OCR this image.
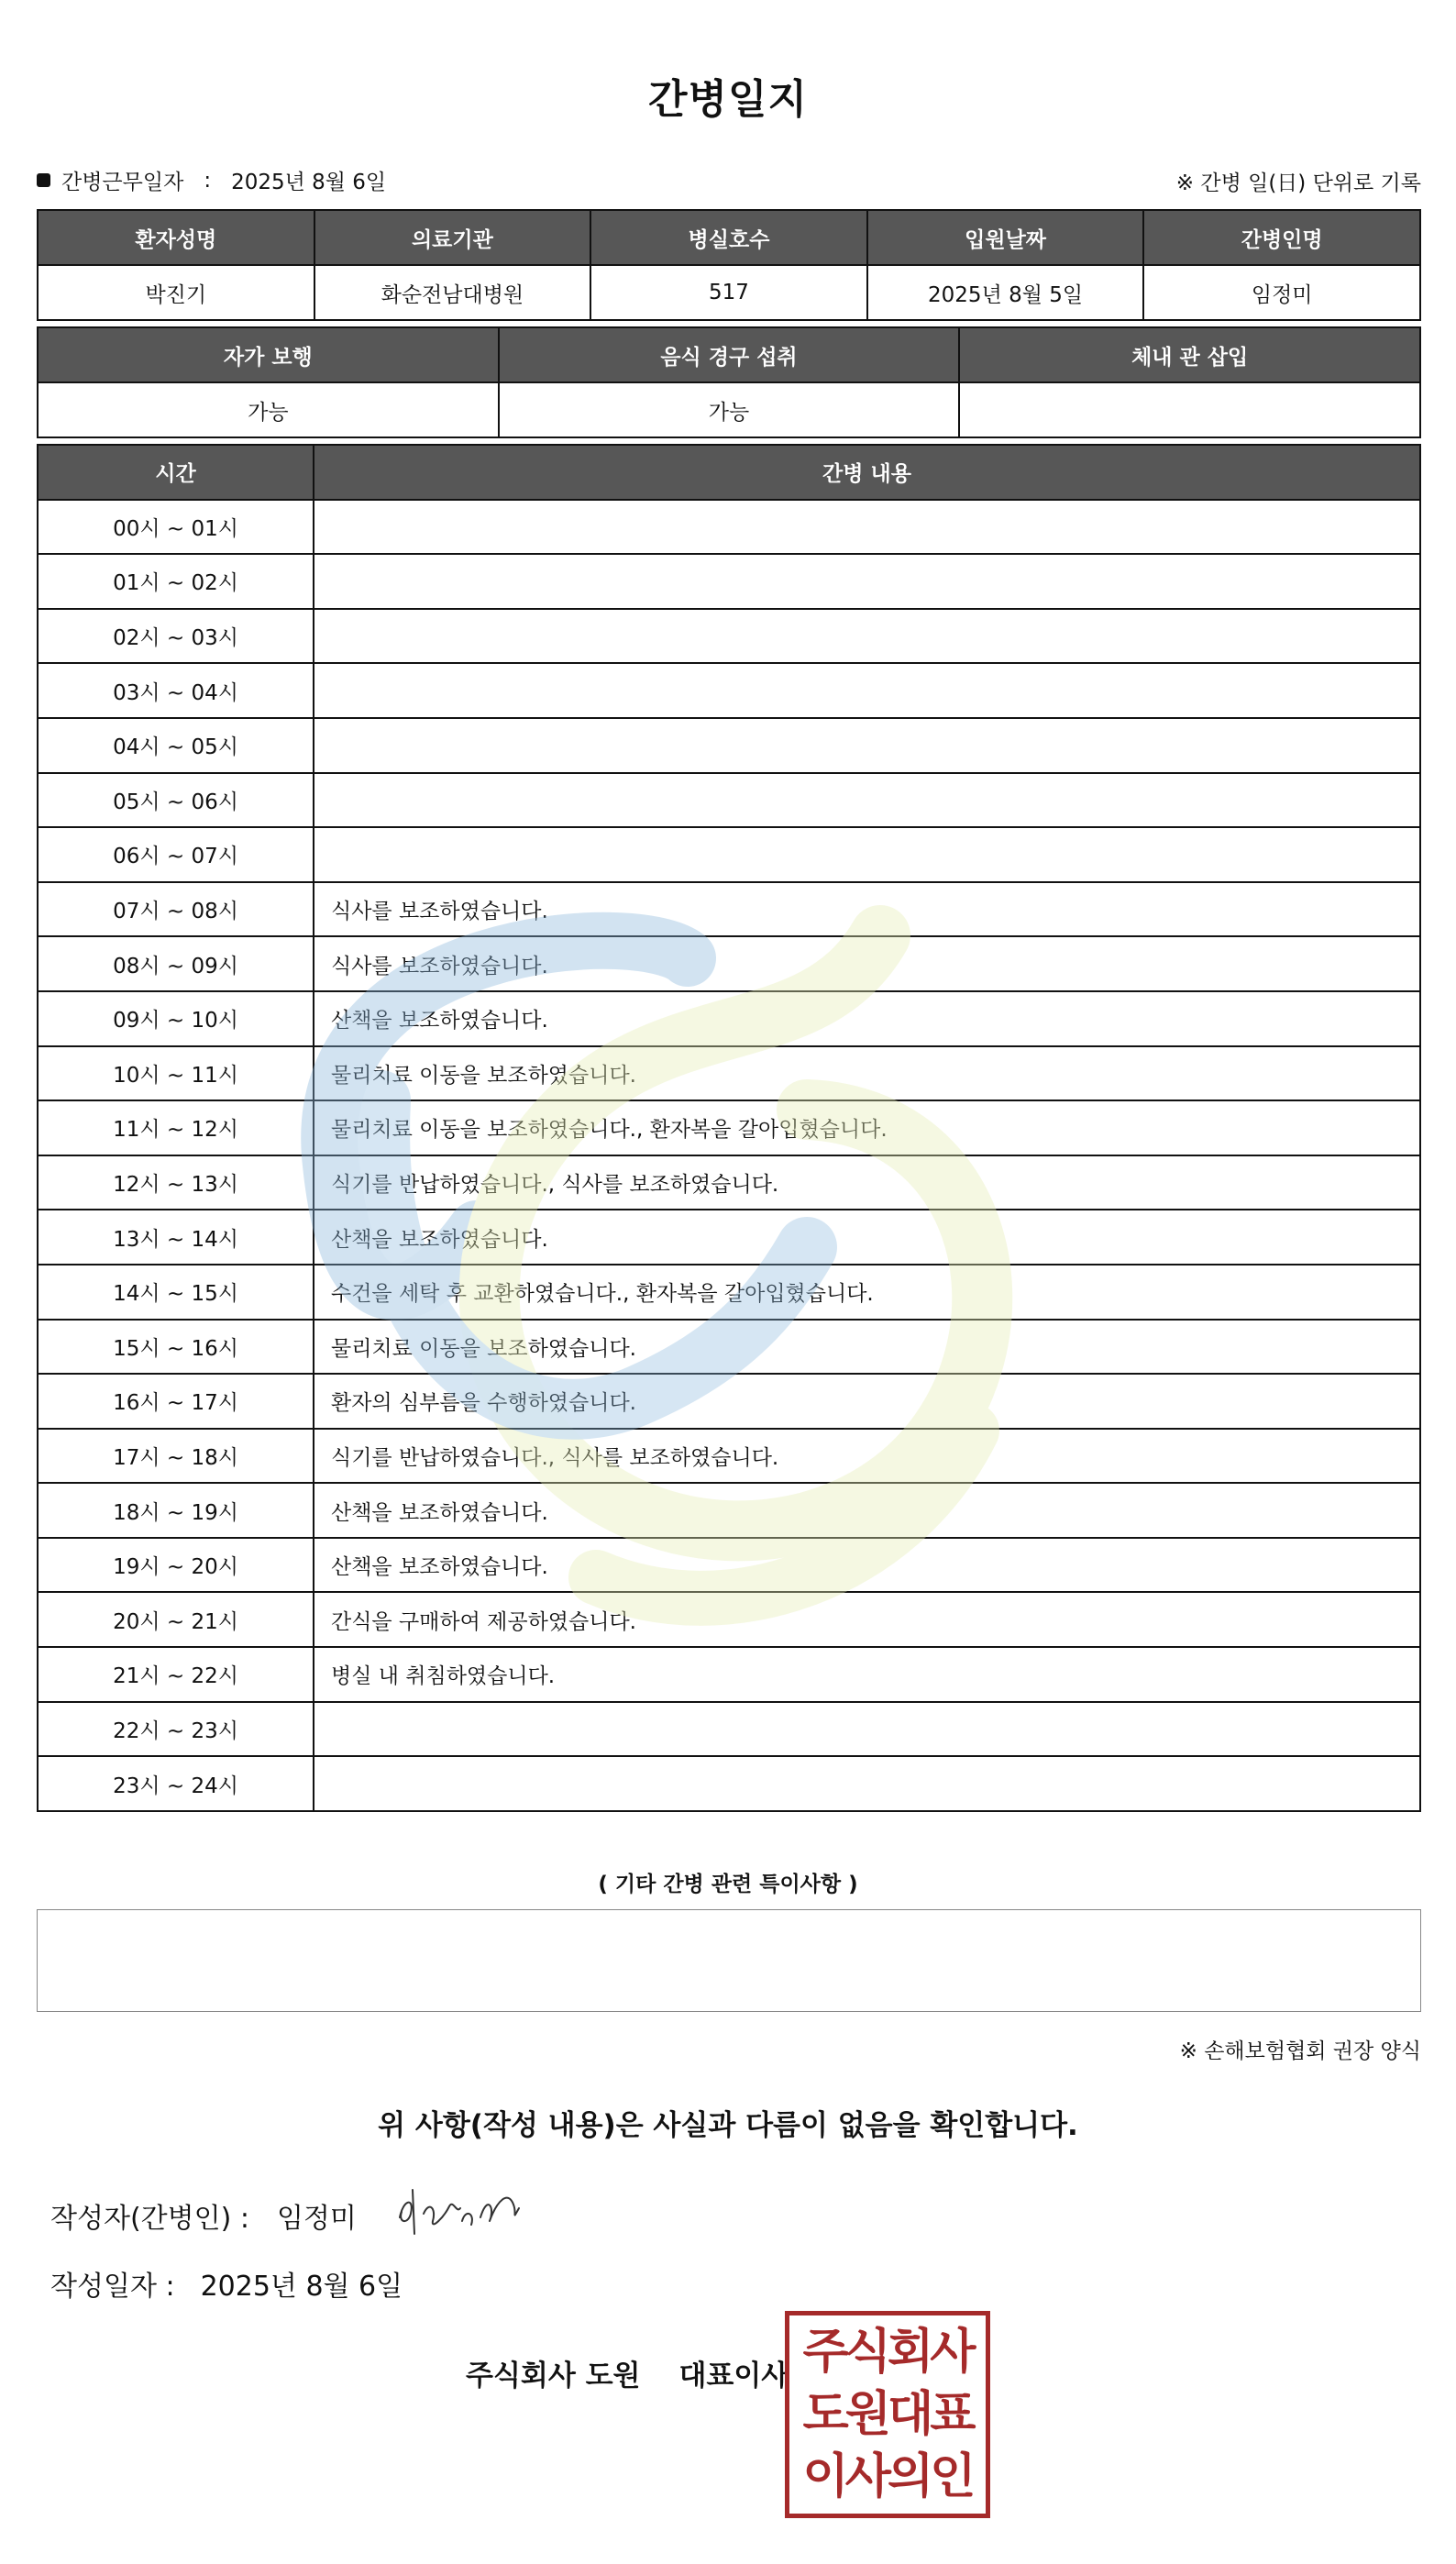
간병일지
간병근무일자 : 2025년 8월 6일	※ 간병 일(日) 단위로 기록
환자성명	의료기관	병실호수	입원날짜	간병인명
박진기	화순전남대병원	517	2025년 8월 5일	임정미
자가 보행	음식 경구 섭취	체내 관 삽입
가능	가능	
시간	간병 내용
00시 ~ 01시	
01시 ~ 02시	
02시 ~ 03시	
03시 ~ 04시	
04시 ~ 05시	
05시 ~ 06시	
06시 ~ 07시	
07시 ~ 08시	식사를 보조하였습니다.
08시 ~ 09시	식사를 보조하였습니다.
09시 ~ 10시	산책을 보조하였습니다.
10시 ~ 11시	물리치료 이동을 보조하였습니다.
11시 ~ 12시	물리치료 이동을 보조하였습니다., 환자복을 갈아입혔습니다.
12시 ~ 13시	식기를 반납하였습니다., 식사를 보조하였습니다.
13시 ~ 14시	산책을 보조하였습니다.
14시 ~ 15시	수건을 세탁 후 교환하였습니다., 환자복을 갈아입혔습니다.
15시 ~ 16시	물리치료 이동을 보조하였습니다.
16시 ~ 17시	환자의 심부름을 수행하였습니다.
17시 ~ 18시	식기를 반납하였습니다., 식사를 보조하였습니다.
18시 ~ 19시	산책을 보조하였습니다.
19시 ~ 20시	산책을 보조하였습니다.
20시 ~ 21시	간식을 구매하여 제공하였습니다.
21시 ~ 22시	병실 내 취침하였습니다.
22시 ~ 23시	
23시 ~ 24시	
( 기타 간병 관련 특이사항 )
※ 손해보험협회 권장 양식
위 사항(작성 내용)은 사실과 다름이 없음을 확인합니다.
작성자(간병인) : 임정미
작성일자 : 2025년 8월 6일
주식회사 도원 대표이사 주식회사
도원대표
이사의인
